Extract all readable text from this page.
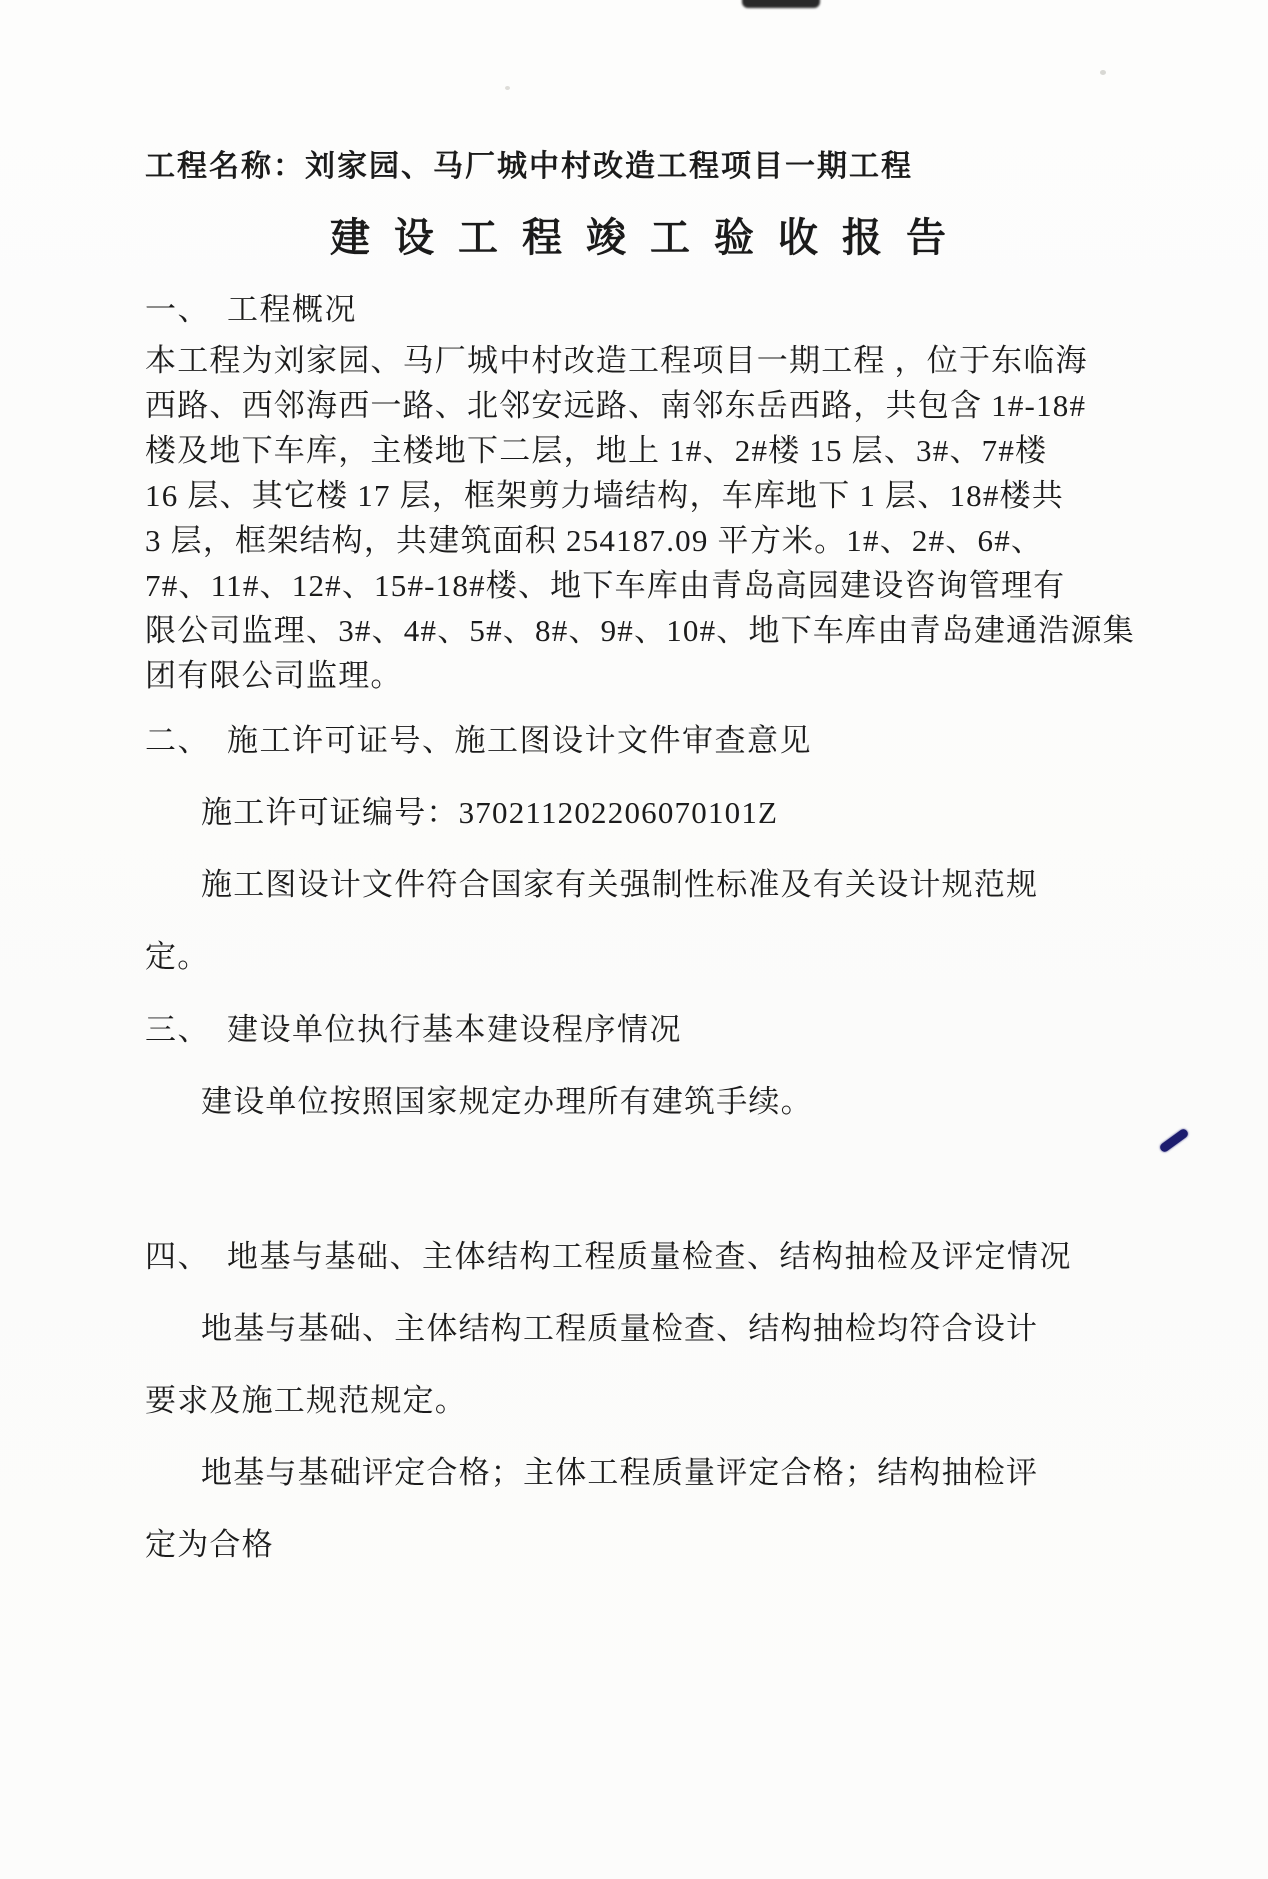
工程名称：刘家园、马厂城中村改造工程项目一期工程
建 设 工 程 竣 工 验 收 报 告
一、　工程概况
本工程为刘家园、马厂城中村改造工程项目一期工程 ，位于东临海
西路、西邻海西一路、北邻安远路、南邻东岳西路，共包含 1#-18#
楼及地下车库，主楼地下二层，地上 1#、2#楼 15 层、3#、7#楼
16 层、其它楼 17 层，框架剪力墙结构，车库地下 1 层、18#楼共
3 层，框架结构，共建筑面积 254187.09 平方米。1#、2#、6#、
7#、11#、12#、15#-18#楼、地下车库由青岛高园建设咨询管理有
限公司监理、3#、4#、5#、8#、9#、10#、地下车库由青岛建通浩源集
团有限公司监理。
二、　施工许可证号、施工图设计文件审查意见
施工许可证编号：370211202206070101Z
施工图设计文件符合国家有关强制性标准及有关设计规范规
定。
三、　建设单位执行基本建设程序情况
建设单位按照国家规定办理所有建筑手续。
四、　地基与基础、主体结构工程质量检查、结构抽检及评定情况
地基与基础、主体结构工程质量检查、结构抽检均符合设计
要求及施工规范规定。
地基与基础评定合格；主体工程质量评定合格；结构抽检评
定为合格
